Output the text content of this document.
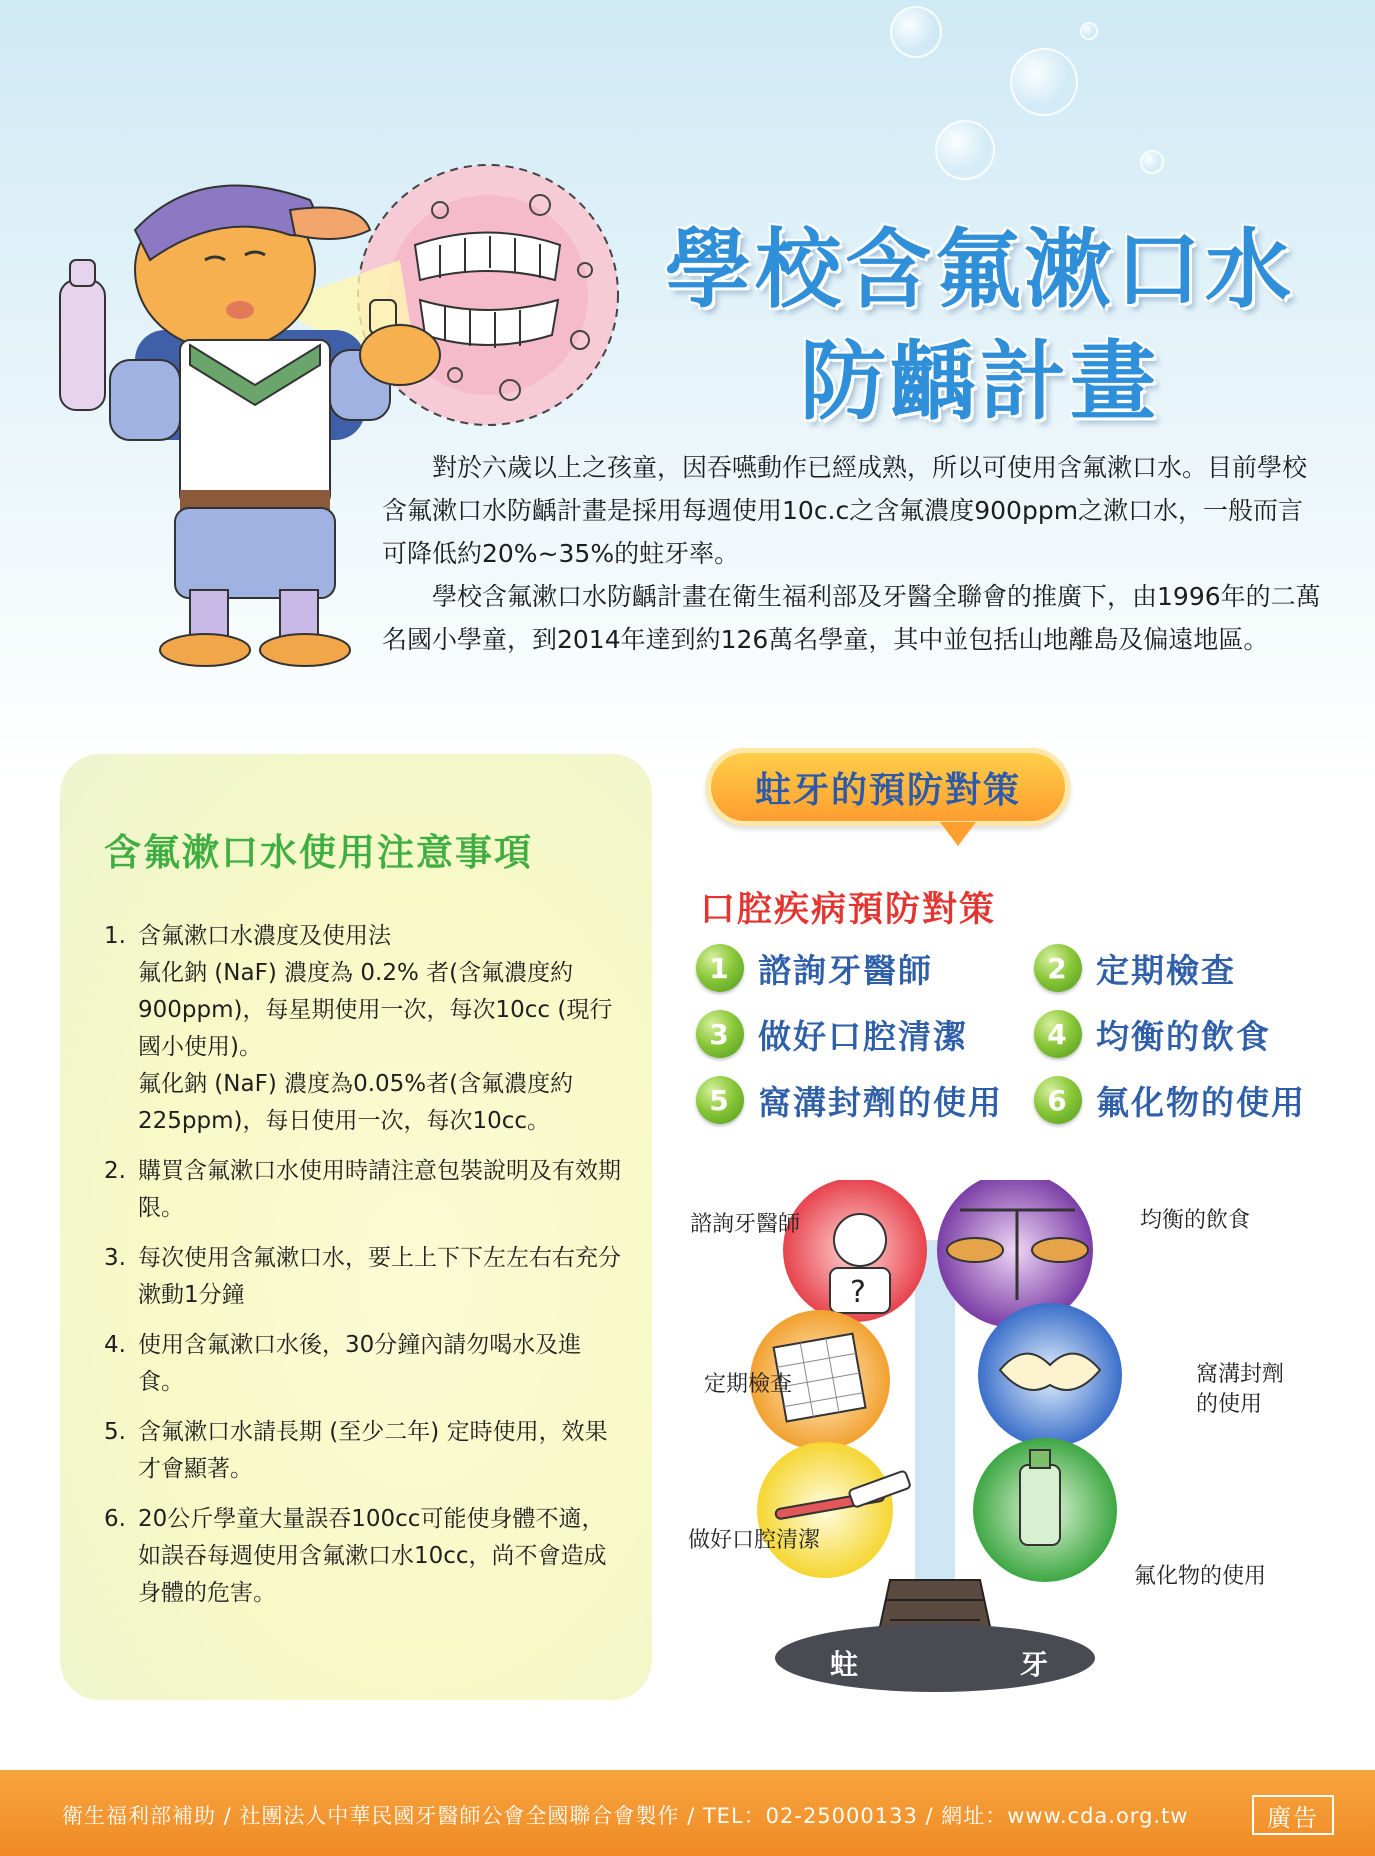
學校含氟漱口水
防齲計畫

對於六歲以上之孩童，因吞嚥動作已經成熟，所以可使用含氟漱口水。目前學校含氟漱口水防齲計畫是採用每週使用10c.c之含氟濃度900ppm之漱口水，一般而言可降低約20%~35%的蛀牙率。

學校含氟漱口水防齲計畫在衛生福利部及牙醫全聯會的推廣下，由1996年的二萬名國小學童，到2014年達到約126萬名學童，其中並包括山地離島及偏遠地區。

含氟漱口水使用注意事項
1. 含氟漱口水濃度及使用法
氟化鈉 (NaF) 濃度為 0.2% 者(含氟濃度約900ppm)，每星期使用一次，每次10cc (現行國小使用)。
氟化鈉 (NaF) 濃度為0.05%者(含氟濃度約225ppm)，每日使用一次，每次10cc。
2. 購買含氟漱口水使用時請注意包裝說明及有效期限。
3. 每次使用含氟漱口水，要上上下下左左右右充分漱動1分鐘
4. 使用含氟漱口水後，30分鐘內請勿喝水及進食。
5. 含氟漱口水請長期 (至少二年) 定時使用，效果才會顯著。
6. 20公斤學童大量誤吞100cc可能使身體不適，如誤吞每週使用含氟漱口水10cc，尚不會造成身體的危害。
蛀牙的預防對策
口腔疾病預防對策
1 諮詢牙醫師	2 定期檢查
3 做好口腔清潔	4 均衡的飲食
5 窩溝封劑的使用	6 氟化物的使用
蛀	牙
?
諮詢牙醫師	均衡的飲食
定期檢查	窩溝封劑
的使用
做好口腔清潔
氟化物的使用
衛生福利部補助 / 社團法人中華民國牙醫師公會全國聯合會製作 / TEL：02-25000133 / 網址：www.cda.org.tw	廣告
